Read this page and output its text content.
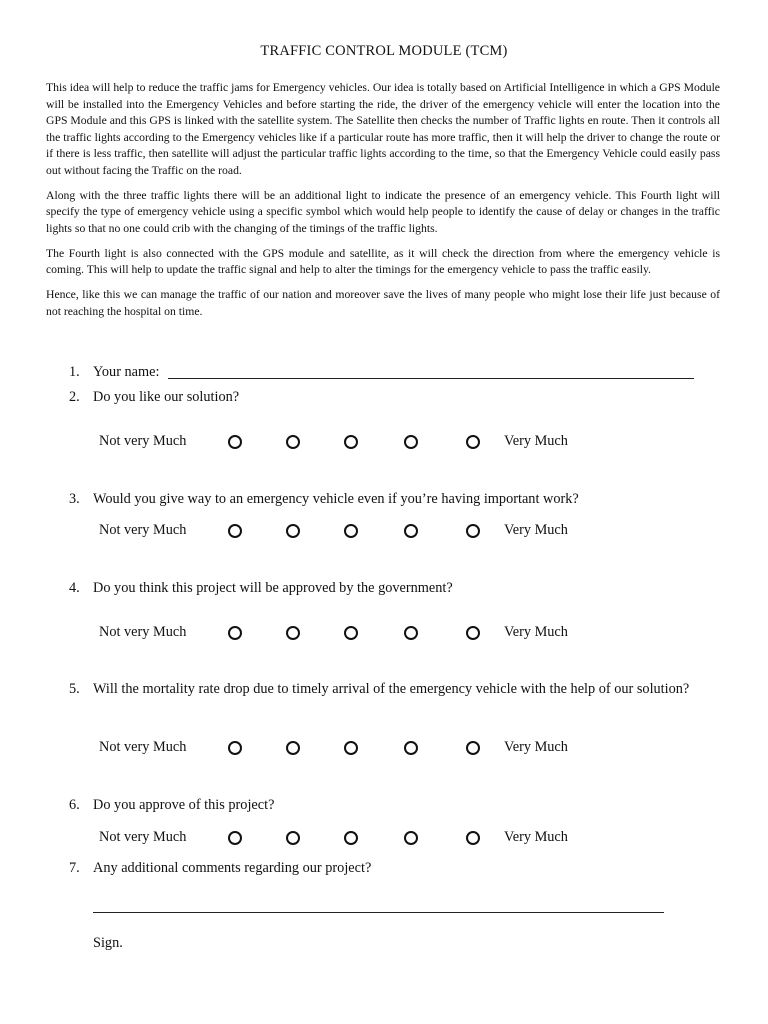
TRAFFIC CONTROL MODULE (TCM)

This idea will help to reduce the traffic jams for Emergency vehicles. Our idea is totally based on Artificial Intelligence in which a GPS Module will be installed into the Emergency Vehicles and before starting the ride, the driver of the emergency vehicle will enter the location into the GPS Module and this GPS is linked with the satellite system. The Satellite then checks the number of Traffic lights en route. Then it controls all the traffic lights according to the Emergency vehicles like if a particular route has more traffic, then it will help the driver to change the route or if there is less traffic, then satellite will adjust the particular traffic lights according to the time, so that the Emergency Vehicle could easily pass out without facing the Traffic on the road.

Along with the three traffic lights there will be an additional light to indicate the presence of an emergency vehicle. This Fourth light will specify the type of emergency vehicle using a specific symbol which would help people to identify the cause of delay or changes in the traffic lights so that no one could crib with the changing of the timings of the traffic lights.

The Fourth light is also connected with the GPS module and satellite, as it will check the direction from where the emergency vehicle is coming. This will help to update the traffic signal and help to alter the timings for the emergency vehicle to pass the traffic easily.

Hence, like this we can manage the traffic of our nation and moreover save the lives of many people who might lose their life just because of not reaching the hospital on time.

1. Your name:
2. Do you like our solution?
Not very Much	Very Much
3. Would you give way to an emergency vehicle even if you’re having important work?
Not very Much	Very Much
4. Do you think this project will be approved by the government?
Not very Much	Very Much
5. Will the mortality rate drop due to timely arrival of the emergency vehicle with the help of our solution?
Not very Much	Very Much
6. Do you approve of this project?
Not very Much	Very Much
7. Any additional comments regarding our project?
Sign.
